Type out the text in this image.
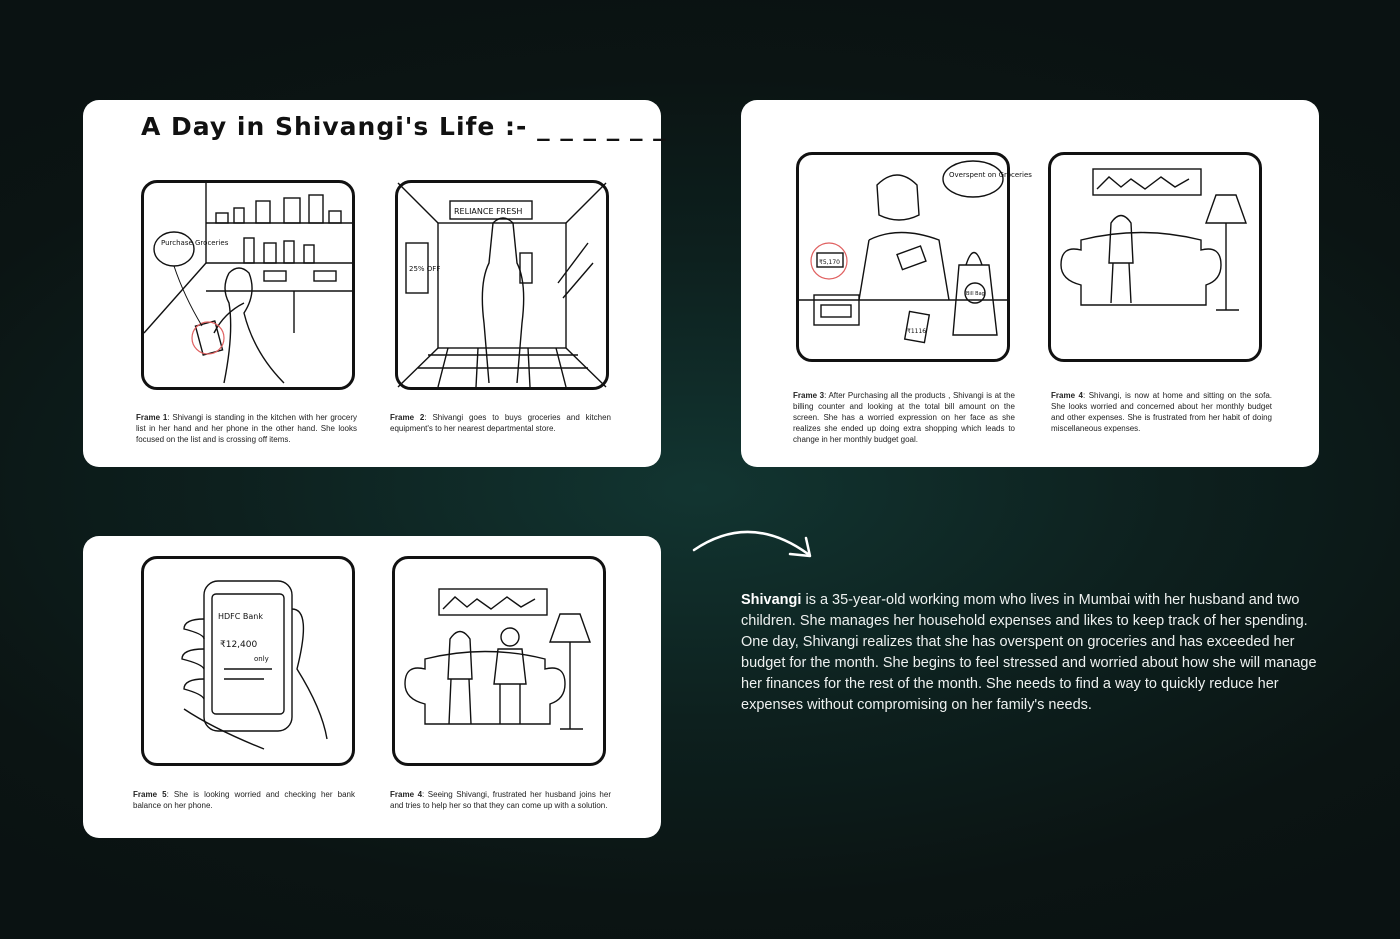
A Day in Shivangi's Life :- _ _ _ _ _ _
Purchase Groceries
RELIANCE FRESH
25% OFF
Frame 1: Shivangi is standing in the kitchen with her grocery list in her hand and her phone in the other hand. She looks focused on the list and is crossing off items.
Frame 2: Shivangi goes to buys groceries and kitchen equipment's to her nearest departmental store.
Overspent on Groceries
₹5,170
₹1116
Bill Bag
Frame 3: After Purchasing all the products , Shivangi is at the billing counter and looking at the total bill amount on the screen. She has a worried expression on her face as she realizes she ended up doing extra shopping which leads to change in her monthly budget goal.
Frame 4: Shivangi, is now at home and sitting on the sofa. She looks worried and concerned about her monthly budget and other expenses. She is frustrated from her habit of doing miscellaneous expenses.
HDFC Bank
₹12,400
only
Frame 5: She is looking worried and checking her bank balance on her phone.
Frame 4: Seeing Shivangi, frustrated her husband joins her and tries to help her so that they can come up with a solution.
Shivangi is a 35-year-old working mom who lives in Mumbai with her husband and two children. She manages her household expenses and likes to keep track of her spending. One day, Shivangi realizes that she has overspent on groceries and has exceeded her budget for the month. She begins to feel stressed and worried about how she will manage her finances for the rest of the month. She needs to find a way to quickly reduce her expenses without compromising on her family's needs.
